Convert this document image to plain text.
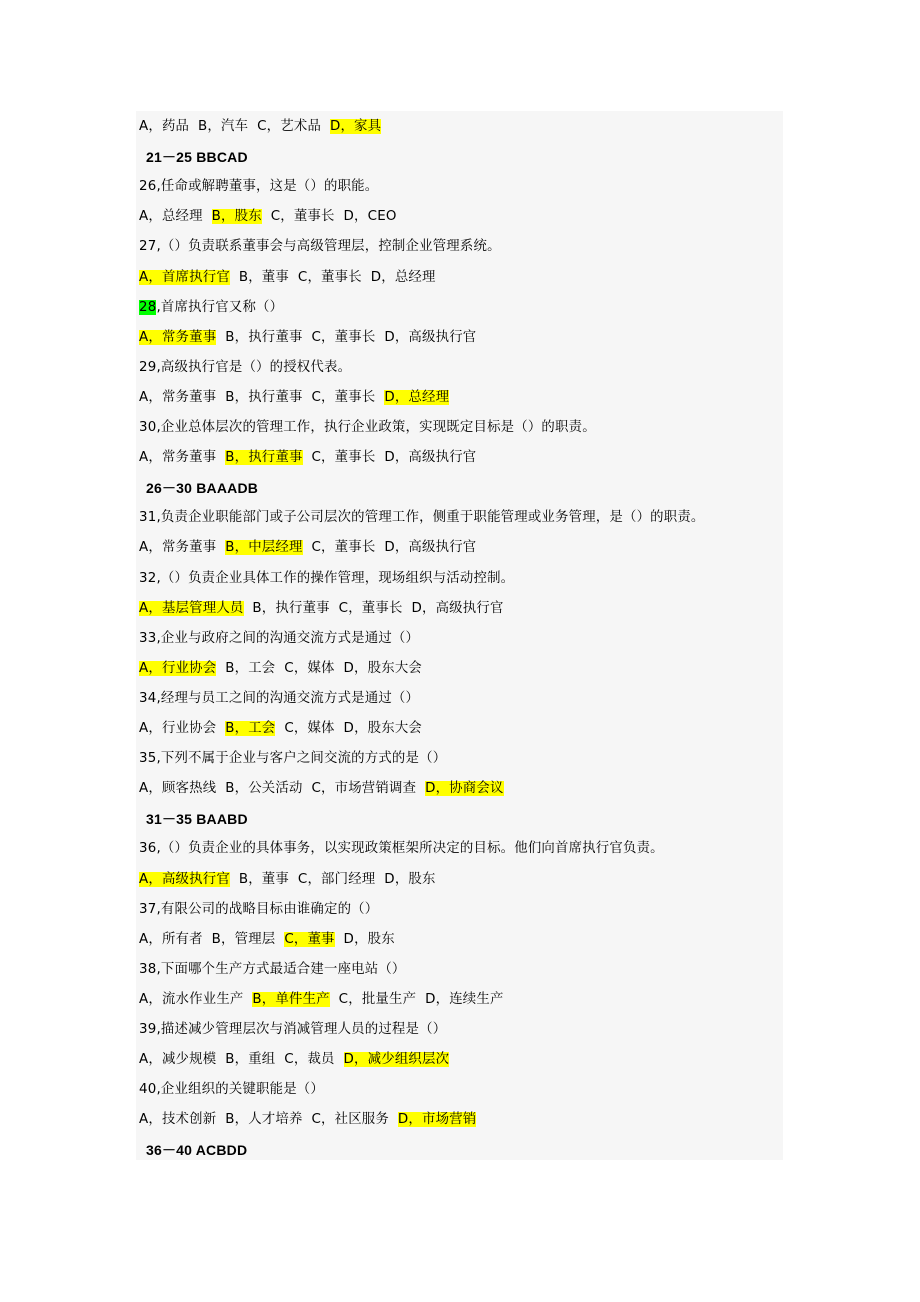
A，药品  B，汽车  C，艺术品  D，家具
21－25 BBCAD
26,任命或解聘董事，这是（）的职能。
A，总经理  B，股东  C，董事长  D，CEO
27,（）负责联系董事会与高级管理层，控制企业管理系统。
A，首席执行官  B，董事  C，董事长  D，总经理
28,首席执行官又称（）
A，常务董事  B，执行董事  C，董事长  D，高级执行官
29,高级执行官是（）的授权代表。
A，常务董事  B，执行董事  C，董事长  D，总经理
30,企业总体层次的管理工作，执行企业政策，实现既定目标是（）的职责。
A，常务董事  B，执行董事  C，董事长  D，高级执行官
26－30 BAAADB
31,负责企业职能部门或子公司层次的管理工作，侧重于职能管理或业务管理，是（）的职责。
A，常务董事  B，中层经理  C，董事长  D，高级执行官
32,（）负责企业具体工作的操作管理，现场组织与活动控制。
A，基层管理人员  B，执行董事  C，董事长  D，高级执行官
33,企业与政府之间的沟通交流方式是通过（）
A，行业协会  B，工会  C，媒体  D，股东大会
34,经理与员工之间的沟通交流方式是通过（）
A，行业协会  B，工会  C，媒体  D，股东大会
35,下列不属于企业与客户之间交流的方式的是（）
A，顾客热线  B，公关活动  C，市场营销调查  D，协商会议
31－35 BAABD
36,（）负责企业的具体事务，以实现政策框架所决定的目标。他们向首席执行官负责。
A，高级执行官  B，董事  C，部门经理  D，股东
37,有限公司的战略目标由谁确定的（）
A，所有者  B，管理层  C，董事  D，股东
38,下面哪个生产方式最适合建一座电站（）
A，流水作业生产  B，单件生产  C，批量生产  D，连续生产
39,描述减少管理层次与消减管理人员的过程是（）
A，减少规模  B，重组  C，裁员  D，减少组织层次
40,企业组织的关键职能是（）
A，技术创新  B，人才培养  C，社区服务  D，市场营销
36－40 ACBDD
